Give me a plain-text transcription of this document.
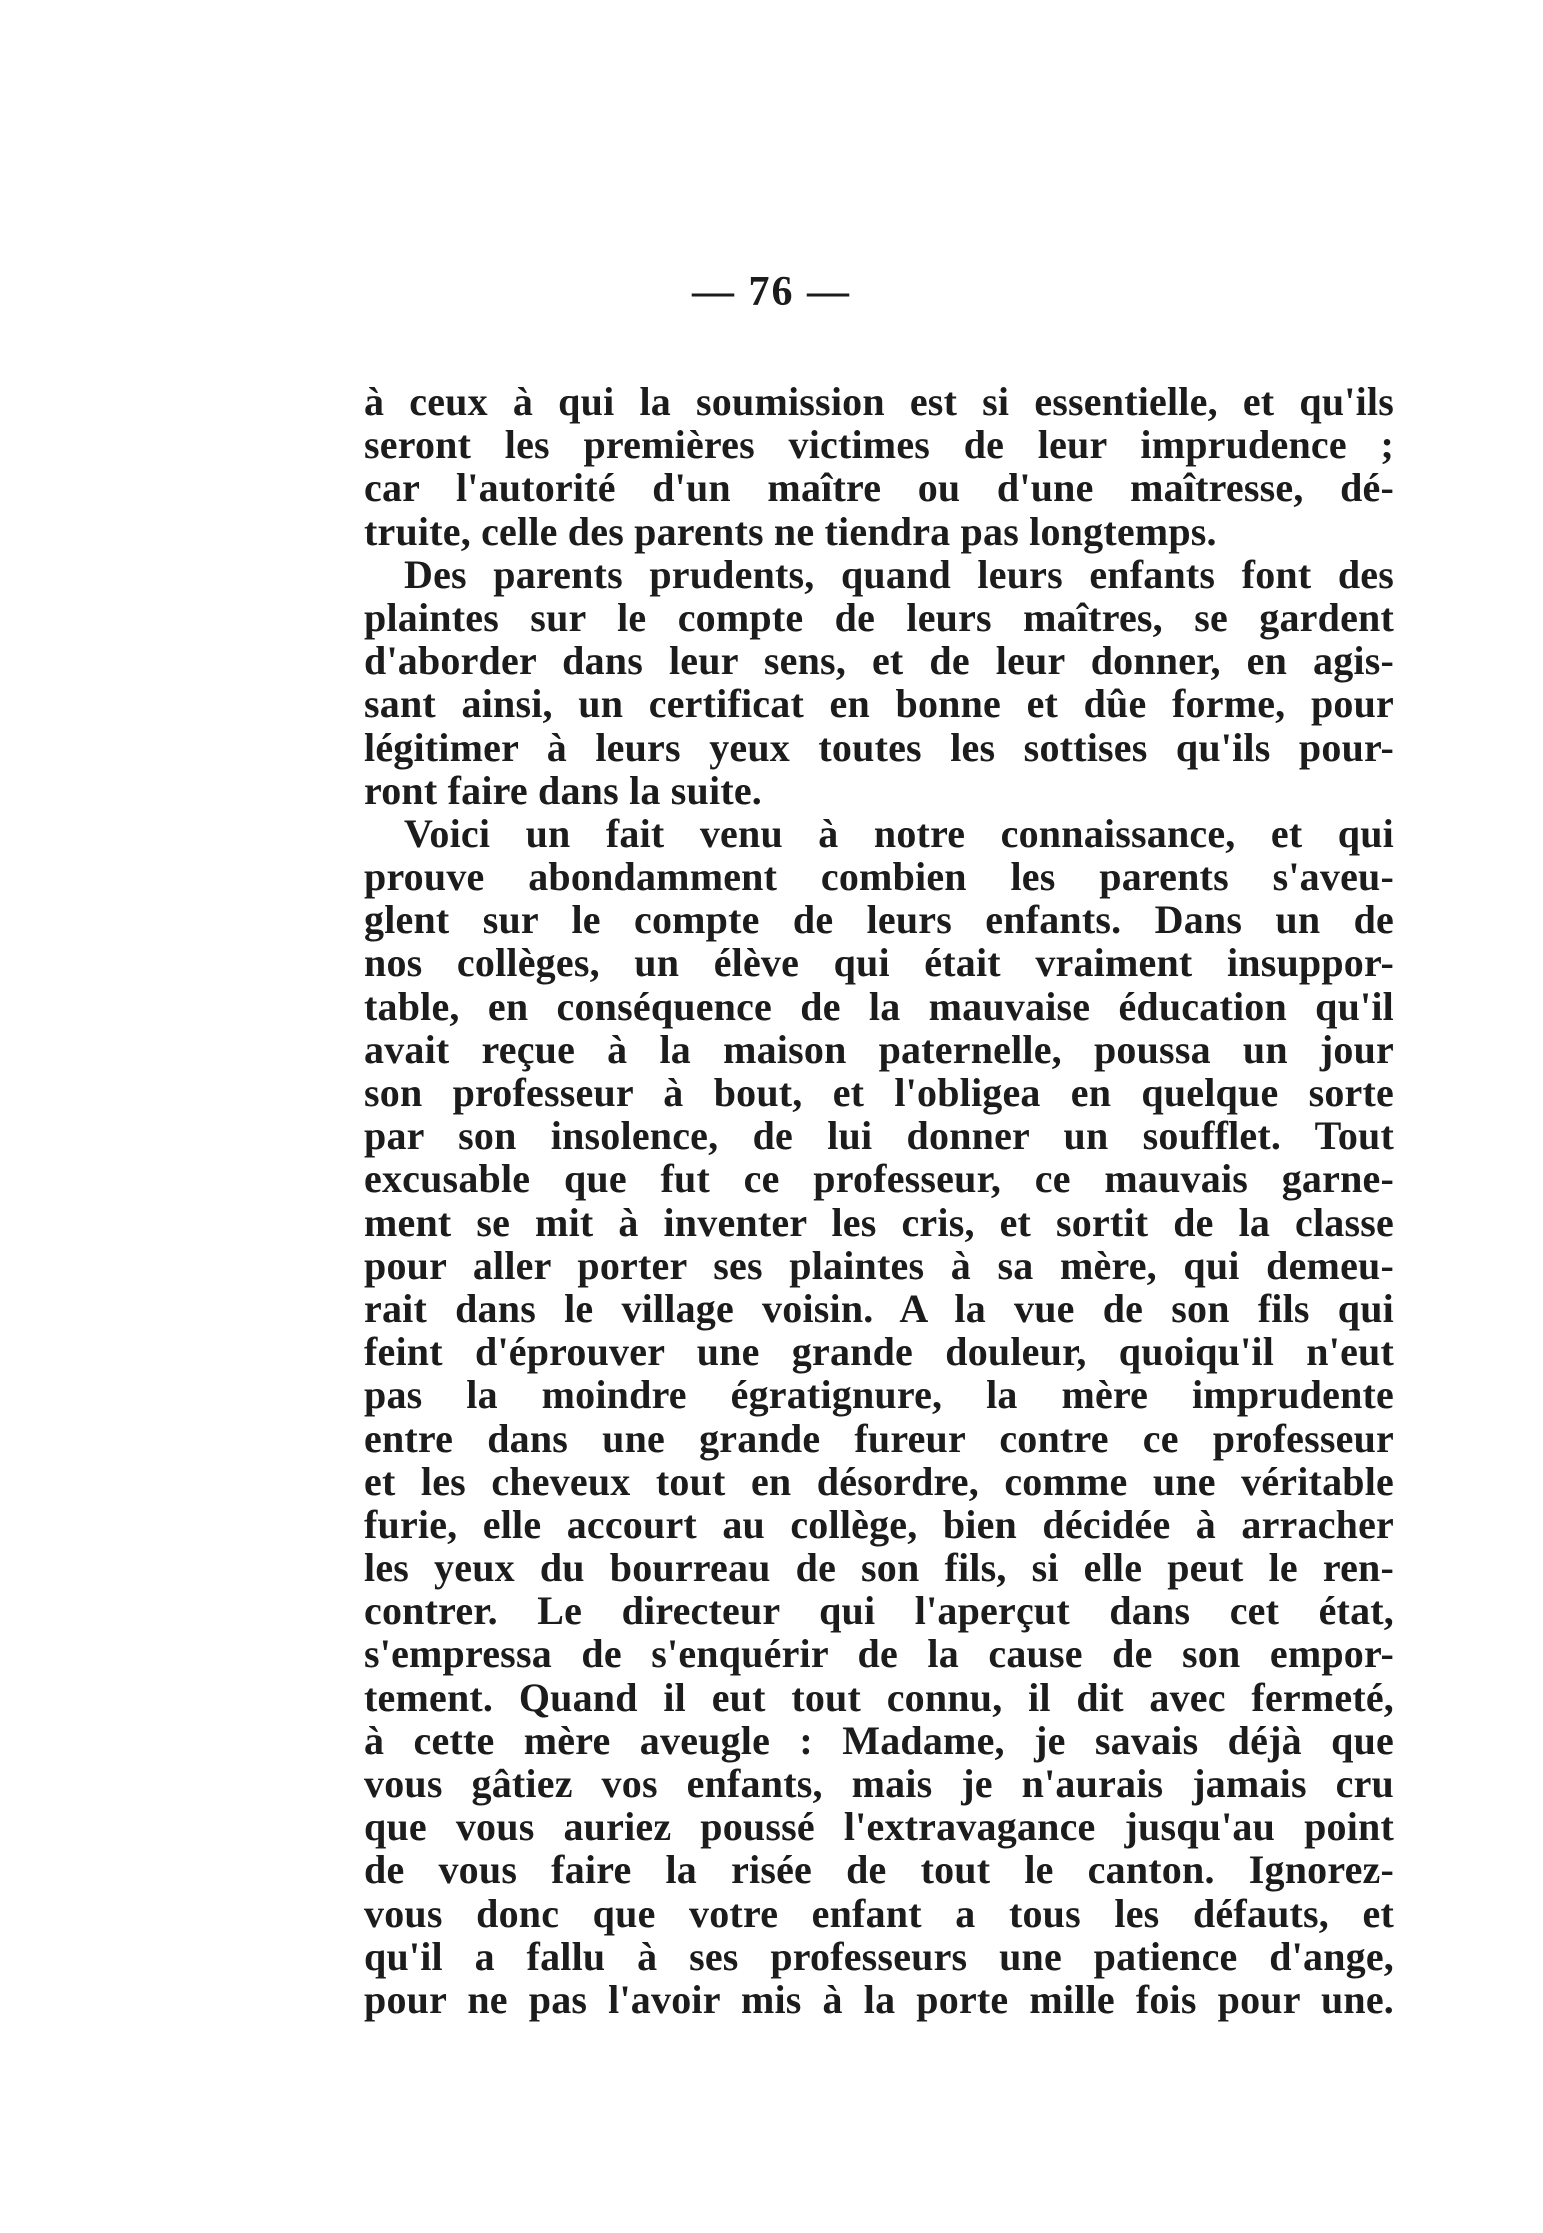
— 76 —
à ceux à qui la soumission est si essentielle, et qu'ils
seront les premières victimes de leur imprudence ;
car l'autorité d'un maître ou d'une maîtresse, dé-
truite, celle des parents ne tiendra pas longtemps.
Des parents prudents, quand leurs enfants font des
plaintes sur le compte de leurs maîtres, se gardent
d'aborder dans leur sens, et de leur donner, en agis-
sant ainsi, un certificat en bonne et dûe forme, pour
légitimer à leurs yeux toutes les sottises qu'ils pour-
ront faire dans la suite.
Voici un fait venu à notre connaissance, et qui
prouve abondamment combien les parents s'aveu-
glent sur le compte de leurs enfants. Dans un de
nos collèges, un élève qui était vraiment insuppor-
table, en conséquence de la mauvaise éducation qu'il
avait reçue à la maison paternelle, poussa un jour
son professeur à bout, et l'obligea en quelque sorte
par son insolence, de lui donner un soufflet. Tout
excusable que fut ce professeur, ce mauvais garne-
ment se mit à inventer les cris, et sortit de la classe
pour aller porter ses plaintes à sa mère, qui demeu-
rait dans le village voisin. A la vue de son fils qui
feint d'éprouver une grande douleur, quoiqu'il n'eut
pas la moindre égratignure, la mère imprudente
entre dans une grande fureur contre ce professeur
et les cheveux tout en désordre, comme une véritable
furie, elle accourt au collège, bien décidée à arracher
les yeux du bourreau de son fils, si elle peut le ren-
contrer. Le directeur qui l'aperçut dans cet état,
s'empressa de s'enquérir de la cause de son empor-
tement. Quand il eut tout connu, il dit avec fermeté,
à cette mère aveugle : Madame, je savais déjà que
vous gâtiez vos enfants, mais je n'aurais jamais cru
que vous auriez poussé l'extravagance jusqu'au point
de vous faire la risée de tout le canton. Ignorez-
vous donc que votre enfant a tous les défauts, et
qu'il a fallu à ses professeurs une patience d'ange,
pour ne pas l'avoir mis à la porte mille fois pour une.
